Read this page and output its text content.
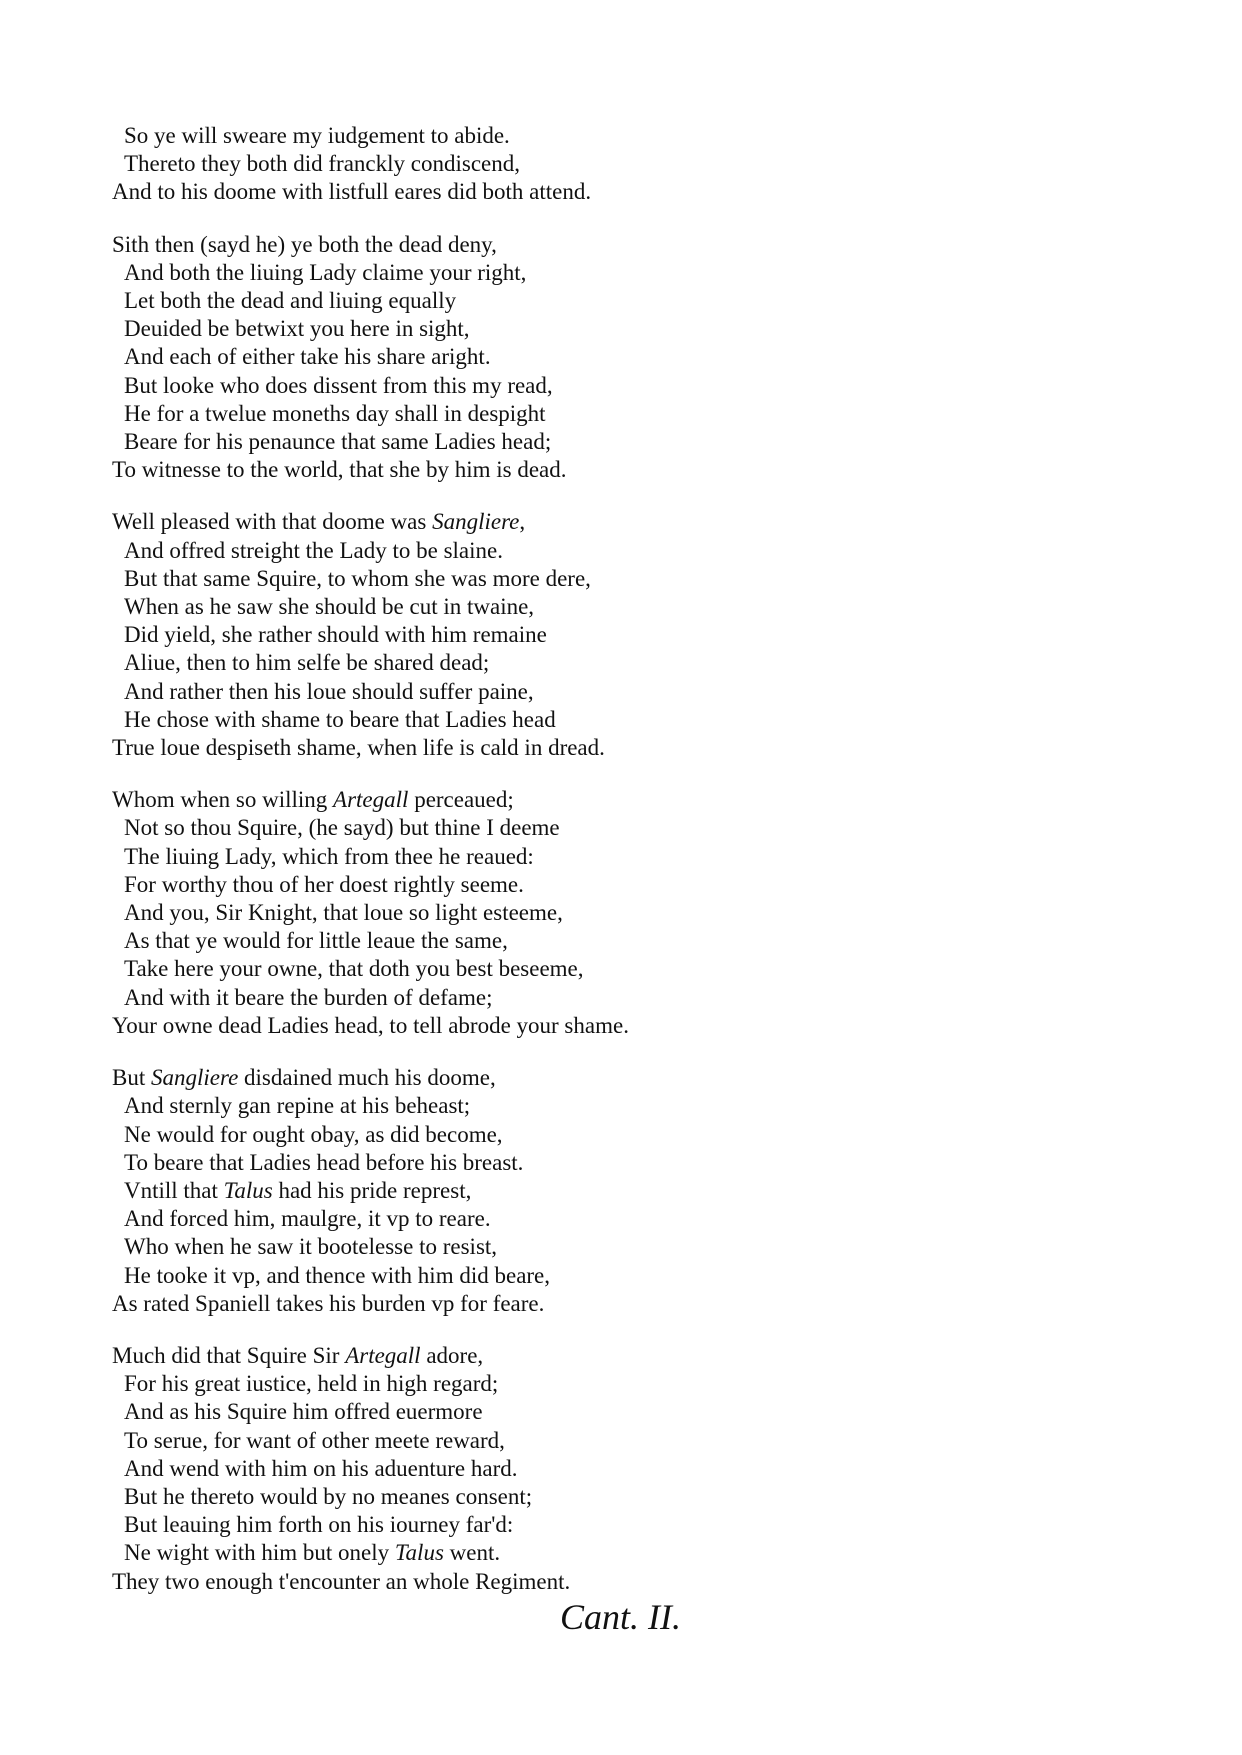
So ye will sweare my iudgement to abide.
Thereto they both did franckly condiscend,
And to his doome with listfull eares did both attend.
Sith then (sayd he) ye both the dead deny,
And both the liuing Lady claime your right,
Let both the dead and liuing equally
Deuided be betwixt you here in sight,
And each of either take his share aright.
But looke who does dissent from this my read,
He for a twelue moneths day shall in despight
Beare for his penaunce that same Ladies head;
To witnesse to the world, that she by him is dead.
Well pleased with that doome was Sangliere,
And offred streight the Lady to be slaine.
But that same Squire, to whom she was more dere,
When as he saw she should be cut in twaine,
Did yield, she rather should with him remaine
Aliue, then to him selfe be shared dead;
And rather then his loue should suffer paine,
He chose with shame to beare that Ladies head
True loue despiseth shame, when life is cald in dread.
Whom when so willing Artegall perceaued;
Not so thou Squire, (he sayd) but thine I deeme
The liuing Lady, which from thee he reaued:
For worthy thou of her doest rightly seeme.
And you, Sir Knight, that loue so light esteeme,
As that ye would for little leaue the same,
Take here your owne, that doth you best beseeme,
And with it beare the burden of defame;
Your owne dead Ladies head, to tell abrode your shame.
But Sangliere disdained much his doome,
And sternly gan repine at his beheast;
Ne would for ought obay, as did become,
To beare that Ladies head before his breast.
Vntill that Talus had his pride represt,
And forced him, maulgre, it vp to reare.
Who when he saw it bootelesse to resist,
He tooke it vp, and thence with him did beare,
As rated Spaniell takes his burden vp for feare.
Much did that Squire Sir Artegall adore,
For his great iustice, held in high regard;
And as his Squire him offred euermore
To serue, for want of other meete reward,
And wend with him on his aduenture hard.
But he thereto would by no meanes consent;
But leauing him forth on his iourney far'd:
Ne wight with him but onely Talus went.
They two enough t'encounter an whole Regiment.
Cant. II.
